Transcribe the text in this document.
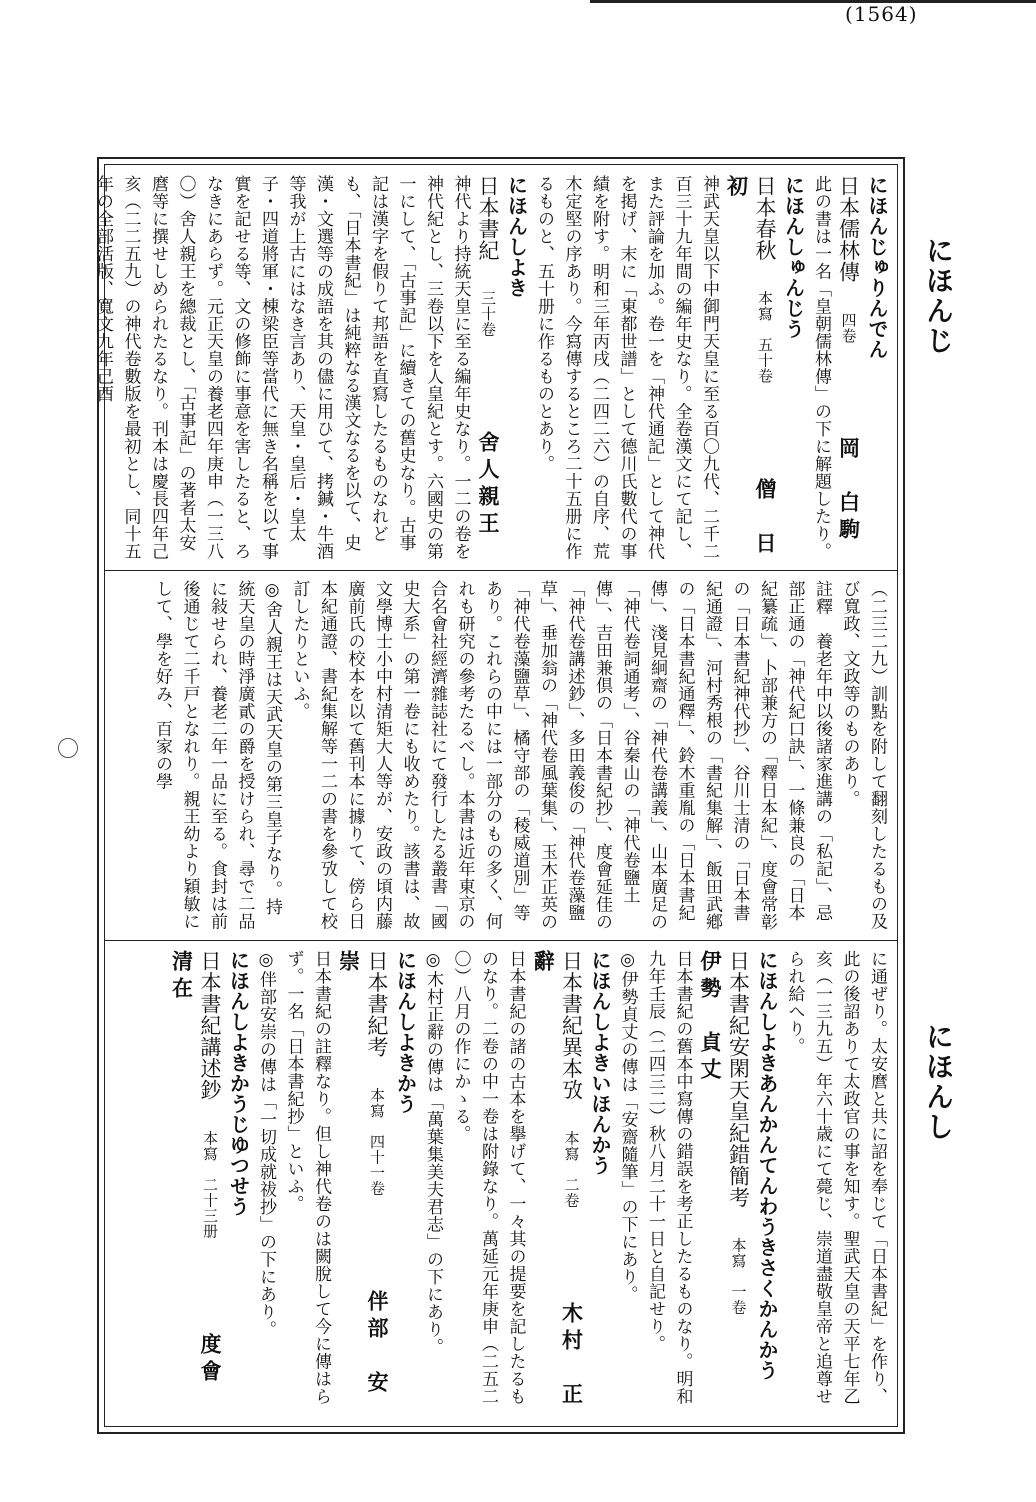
( 1564 )
にほんじ
にほんし

にほんじゅりんでん

日本儒林傳　四卷　　岡　白駒

此の書は一名「皇朝儒林傳」の下に解題したり。

にほんしゅんじう

日本春秋　本寫　五十卷　　僧　日初

神武天皇以下中御門天皇に至る百〇九代、二千二百三十九年間の編年史なり。全卷漢文にて記し、また評論を加ふ。卷一を「神代通記」として神代を掲げ、末に「東都世譜」として德川氏數代の事績を附す。明和三年丙戌（二四二六）の自序、荒木定堅の序あり。今寫傳するところ二十五册に作るものと、五十册に作るものとあり。

にほんしよき

日本書紀　三十卷　　舍人親王

神代より持統天皇に至る編年史なり。一二の卷を神代紀とし、三卷以下を人皇紀とす。六國史の第一にして、「古事記」に續きての舊史なり。古事記は漢字を假りて邦語を直寫したるものなれども、「日本書紀」は純粹なる漢文なるを以て、史漢・文選等の成語を其の儘に用ひて、拷鍼・牛酒等我が上古にはなき言あり、天皇・皇后・皇太子・四道將軍・棟梁臣等當代に無き名稱を以て事實を記せる等、文の修飾に事意を害したると、ろなきにあらず。元正天皇の養老四年庚申（一三八〇）舍人親王を總裁とし、「古事記」の著者太安麿等に撰せしめられたるなり。刊本は慶長四年己亥（二二五九）の神代卷數版を最初とし、同十五年の全部活版、寬文九年己酉

（二三二九）訓點を附して翻刻したるもの及び寬政、文政等のものあり。

註釋　養老年中以後諸家進講の「私記」、忌部正通の「神代紀口訣」、一條兼良の「日本紀纂疏」、卜部兼方の「釋日本紀」、度會常彰の「日本書紀神代抄」、谷川士清の「日本書紀通證」、河村秀根の「書紀集解」、飯田武鄕の「日本書紀通釋」、鈴木重胤の「日本書紀傳」、淺見絅齋の「神代卷講義」、山本廣足の「神代卷詞通考」、谷秦山の「神代卷鹽土傳」、吉田兼倶の「日本書紀抄」、度會延佳の「神代卷講述鈔」、多田義俊の「神代卷藻鹽草」、垂加翁の「神代卷風葉集」、玉木正英の「神代卷藻鹽草」、橘守部の「稜威道別」等あり。これらの中には一部分のもの多く、何れも研究の參考たるべし。本書は近年東京の合名會社經濟雜誌社にて發行したる叢書「國史大系」の第一卷にも收めたり。該書は、故文學博士小中村清矩大人等が、安政の頃内藤廣前氏の校本を以て舊刊本に據りて、傍ら日本紀通證、書紀集解等一二の書を參攷して校訂したりといふ。

◎舍人親王は天武天皇の第三皇子なり。持統天皇の時淨廣貳の爵を授けられ、尋で二品に敍せられ、養老二年一品に至る。食封は前後通じて二千戸となれり。親王幼より穎敏にして、學を好み、百家の學

に通ぜり。太安麿と共に詔を奉じて「日本書紀」を作り、此の後詔ありて太政官の事を知す。聖武天皇の天平七年乙亥（一三九五）年六十歳にて薨じ、崇道盡敬皇帝と追尊せられ給へり。

にほんしよきあんかんてんわうきさくかんかう

日本書紀安閑天皇紀錯簡考　本寫　一卷　　伊勢　貞丈

日本書紀の舊本中寫傳の錯誤を考正したるものなり。明和九年壬辰（二四三二）秋八月二十一日と自記せり。

◎伊勢貞丈の傳は「安齋隨筆」の下にあり。

にほんしよきいほんかう

日本書紀異本攷　本寫　二卷　　木村　正辭

日本書紀の諸の古本を擧げて、一々其の提要を記したるものなり。二卷の中一卷は附錄なり。萬延元年庚申（二五二〇）八月の作にかゝる。

◎木村正辭の傳は「萬葉集美夫君志」の下にあり。

にほんしよきかう

日本書紀考　本寫　四十一卷　　伴部　安崇

日本書紀の註釋なり。但し神代卷のは闕脫して今に傳はらず。一名「日本書紀抄」といふ。

◎伴部安崇の傳は「一切成就祓抄」の下にあり。

にほんしよきかうじゆつせう

日本書紀講述鈔　本寫　二十三册　　度會　清在
